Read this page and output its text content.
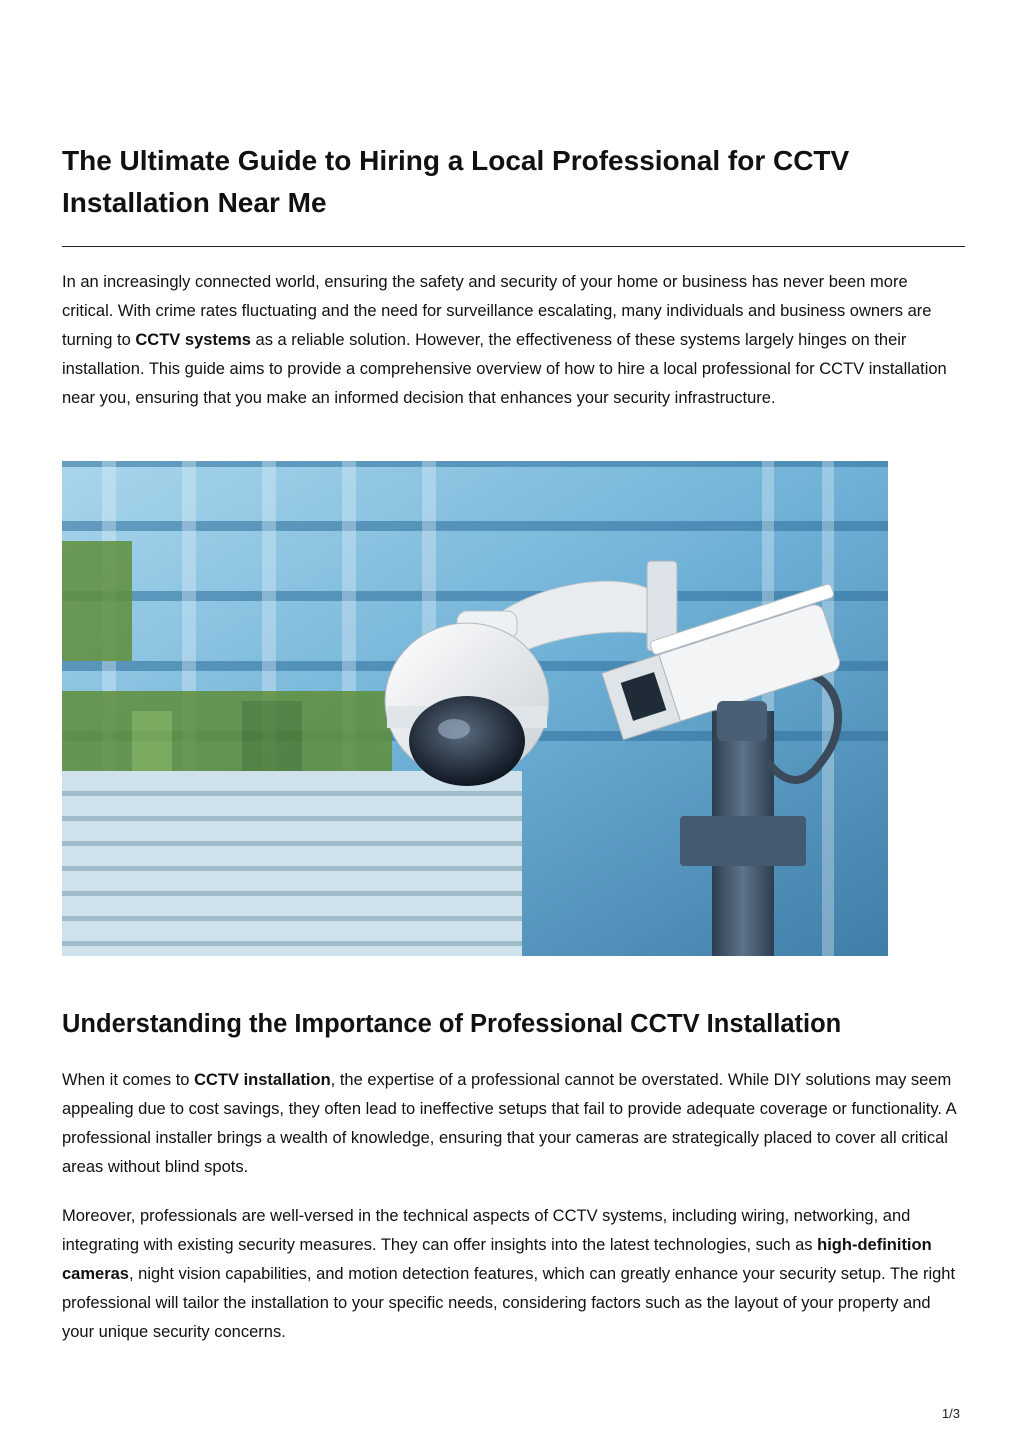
The Ultimate Guide to Hiring a Local Professional for CCTV Installation Near Me

In an increasingly connected world, ensuring the safety and security of your home or business has never been more critical. With crime rates fluctuating and the need for surveillance escalating, many individuals and business owners are turning to CCTV systems as a reliable solution. However, the effectiveness of these systems largely hinges on their installation. This guide aims to provide a comprehensive overview of how to hire a local professional for CCTV installation near you, ensuring that you make an informed decision that enhances your security infrastructure.

Understanding the Importance of Professional CCTV Installation

When it comes to CCTV installation, the expertise of a professional cannot be overstated. While DIY solutions may seem appealing due to cost savings, they often lead to ineffective setups that fail to provide adequate coverage or functionality. A professional installer brings a wealth of knowledge, ensuring that your cameras are strategically placed to cover all critical areas without blind spots.

Moreover, professionals are well-versed in the technical aspects of CCTV systems, including wiring, networking, and integrating with existing security measures. They can offer insights into the latest technologies, such as high-definition cameras, night vision capabilities, and motion detection features, which can greatly enhance your security setup. The right professional will tailor the installation to your specific needs, considering factors such as the layout of your property and your unique security concerns.

1/3
